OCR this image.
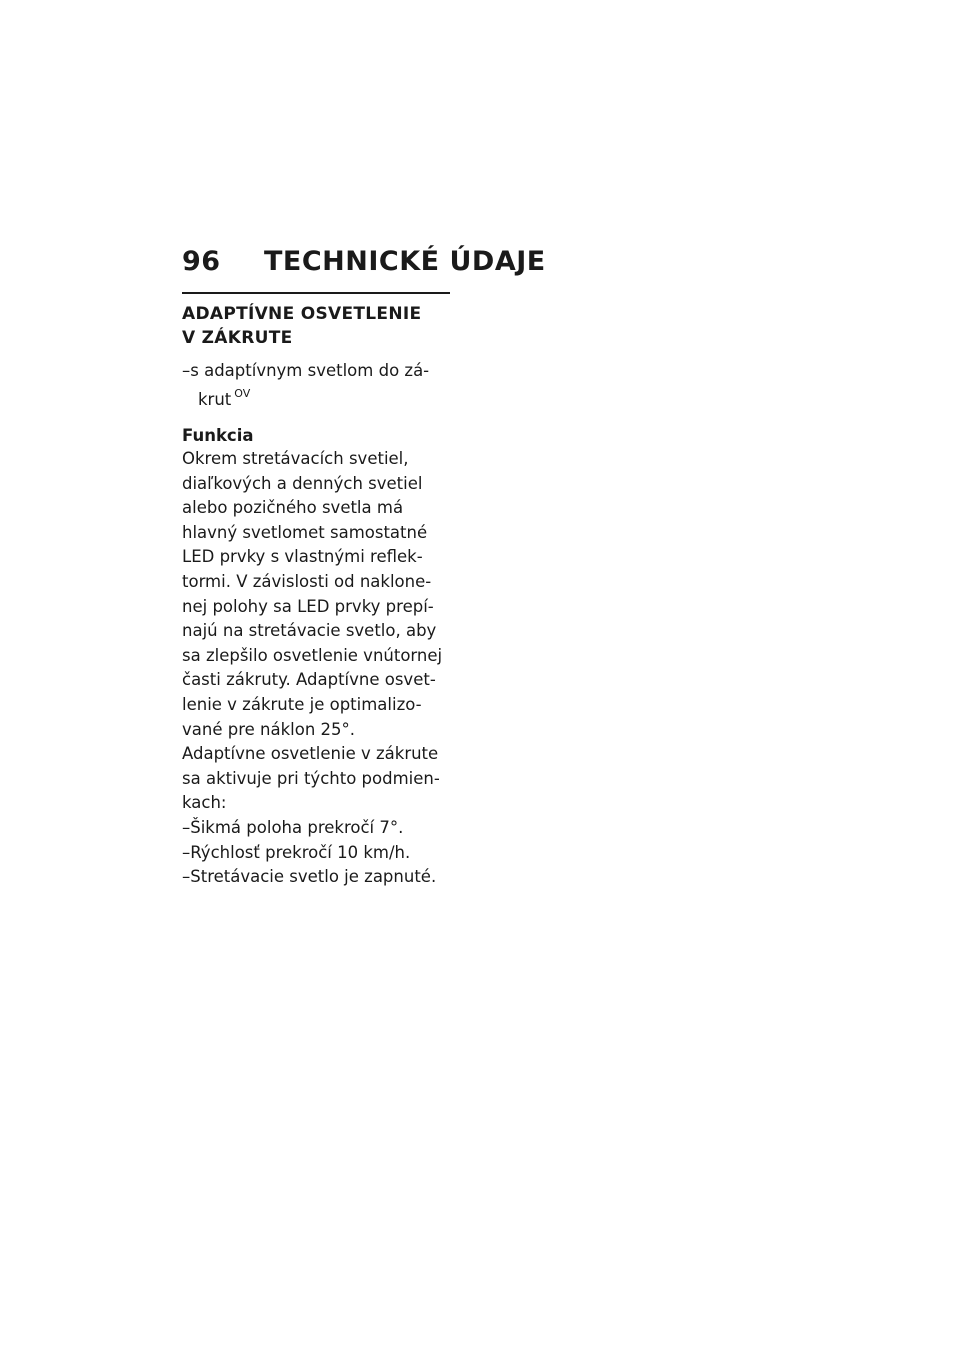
96	TECHNICKÉ ÚDAJE
ADAPTÍVNE OSVETLENIE
V ZÁKRUTE
–s adaptívnym svetlom do zá-
krut $^{OV}$
Funkcia
Okrem stretávacích svetiel,
diaľkových a denných svetiel
alebo pozičného svetla má
hlavný svetlomet samostatné
LED prvky s vlastnými reflek-
tormi. V závislosti od naklone-
nej polohy sa LED prvky prepí-
najú na stretávacie svetlo, aby
sa zlepšilo osvetlenie vnútornej
časti zákruty. Adaptívne osvet-
lenie v zákrute je optimalizo-
vané pre náklon 25°.
Adaptívne osvetlenie v zákrute
sa aktivuje pri týchto podmien-
kach:
–Šikmá poloha prekročí 7°.
–Rýchlosť prekročí 10 km/h.
–Stretávacie svetlo je zapnuté.
